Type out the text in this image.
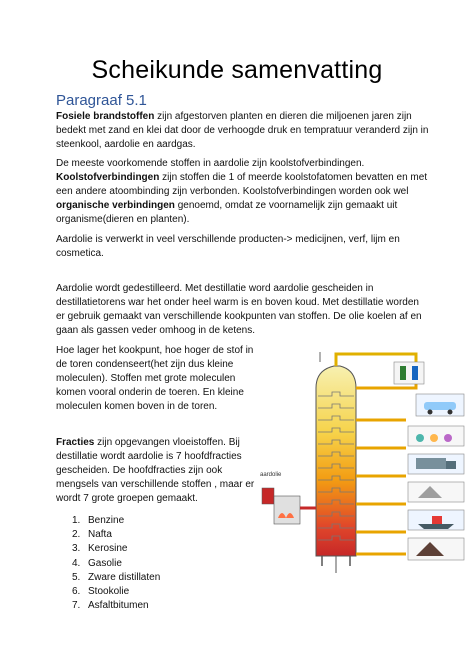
Scheikunde samenvatting
Paragraaf 5.1

Fosiele brandstoffen zijn afgestorven planten en dieren die miljoenen jaren zijn

bedekt met zand en klei dat door de verhoogde druk en tempratuur veranderd zijn in

steenkool, aardolie en aardgas.

De meeste voorkomende stoffen in aardolie zijn koolstofverbindingen.

Koolstofverbindingen zijn stoffen die 1 of meerde koolstofatomen bevatten en met

een andere atoombinding zijn verbonden. Koolstofverbindingen worden ook wel

organische verbindingen genoemd, omdat ze voornamelijk zijn gemaakt uit

organisme(dieren en planten).

Aardolie is verwerkt in veel verschillende producten-> medicijnen, verf, lijm en

cosmetica.

Aardolie wordt gedestilleerd. Met destillatie word aardolie gescheiden in

destillatietorens war het onder heel warm is en boven koud. Met destillatie worden

er gebruik gemaakt van verschillende kookpunten van stoffen. De olie koelen af en

gaan als gassen veder omhoog in de ketens.

Hoe lager het kookpunt, hoe hoger de stof in

de toren condenseert(het zijn dus kleine

moleculen). Stoffen met grote moleculen

komen vooral onderin de toeren. En kleine

moleculen komen boven in de toren.

Fracties zijn opgevangen vloeistoffen. Bij

destillatie wordt aardolie is 7 hoofdfracties

gescheiden. De hoofdfracties zijn ook

mengsels van verschillende stoffen , maar er

wordt 7 grote groepen gemaakt.

1. Benzine
2. Nafta
3. Kerosine
4. Gasolie
5. Zware distillaten
6. Stookolie
7. Asfaltbitumen
aardolie
